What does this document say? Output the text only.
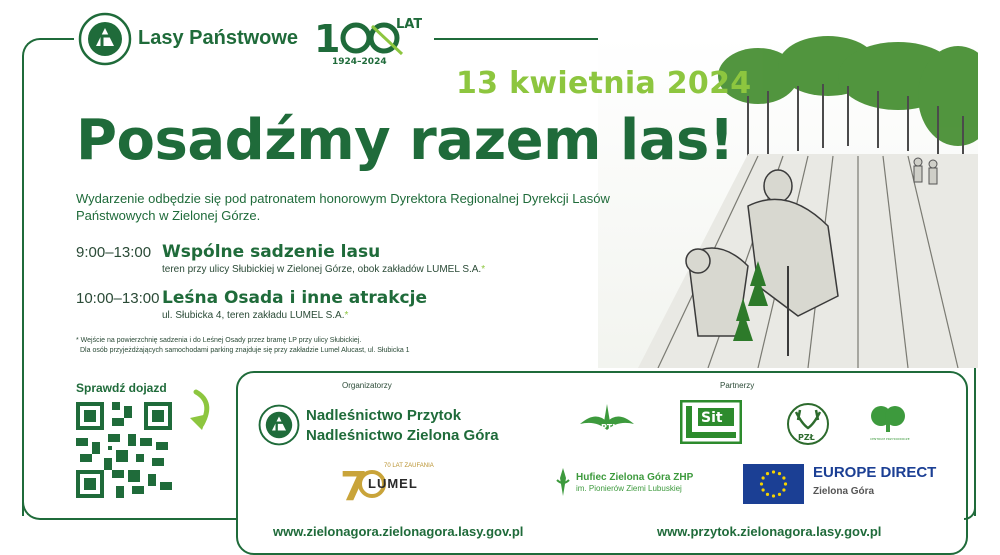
Lasy Państwowe 1	LAT
1924–2024
13 kwietnia 2024
Posadźmy razem las!
Wydarzenie odbędzie się pod patronatem honorowym Dyrektora Regionalnej Dyrekcji Lasów Państwowych w Zielonej Górze.
9:00–13:00 Wspólne sadzenie lasu
teren przy ulicy Słubickiej w Zielonej Górze, obok zakładów LUMEL S.A.*
10:00–13:00 Leśna Osada i inne atrakcje
ul. Słubicka 4, teren zakładu LUMEL S.A.*
* Wejście na powierzchnię sadzenia i do Leśnej Osady przez bramę LP przy ulicy Słubickiej.
Dla osób przyjeżdżających samochodami parking znajduje się przy zakładzie Lumel Alucast, ul. Słubicka 1
Sprawdź dojazd	Organizatorzy	Partnerzy
Nadleśnictwo Przytok
Nadleśnictwo Zielona Góra
7	70 LAT ZAUFANIA
LUMEL
PTL
Sit
PZŁ	CENTRUM PRZYRODNICZE
Hufiec Zielona Góra ZHP
im. Pionierów Ziemi Lubuskiej
EUROPE DIRECT
Zielona Góra
www.zielonagora.zielonagora.lasy.gov.pl	www.przytok.zielonagora.lasy.gov.pl
